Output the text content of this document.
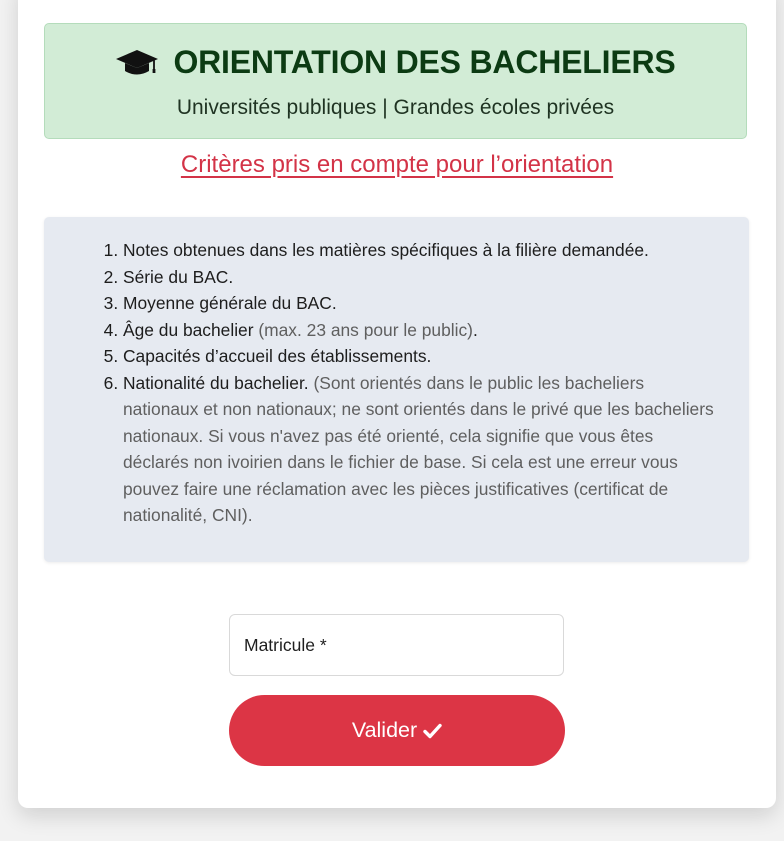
ORIENTATION DES BACHELIERS
Universités publiques | Grandes écoles privées
Critères pris en compte pour l’orientation
1. Notes obtenues dans les matières spécifiques à la filière demandée.
2. Série du BAC.
3. Moyenne générale du BAC.
4. Âge du bachelier (max. 23 ans pour le public).
5. Capacités d’accueil des établissements.
6. Nationalité du bachelier. (Sont orientés dans le public les bacheliers nationaux et non nationaux; ne sont orientés dans le privé que les bacheliers nationaux. Si vous n'avez pas été orienté, cela signifie que vous êtes déclarés non ivoirien dans le fichier de base. Si cela est une erreur vous pouvez faire une réclamation avec les pièces justificatives (certificat de nationalité, CNI).
Matricule *
Valider
